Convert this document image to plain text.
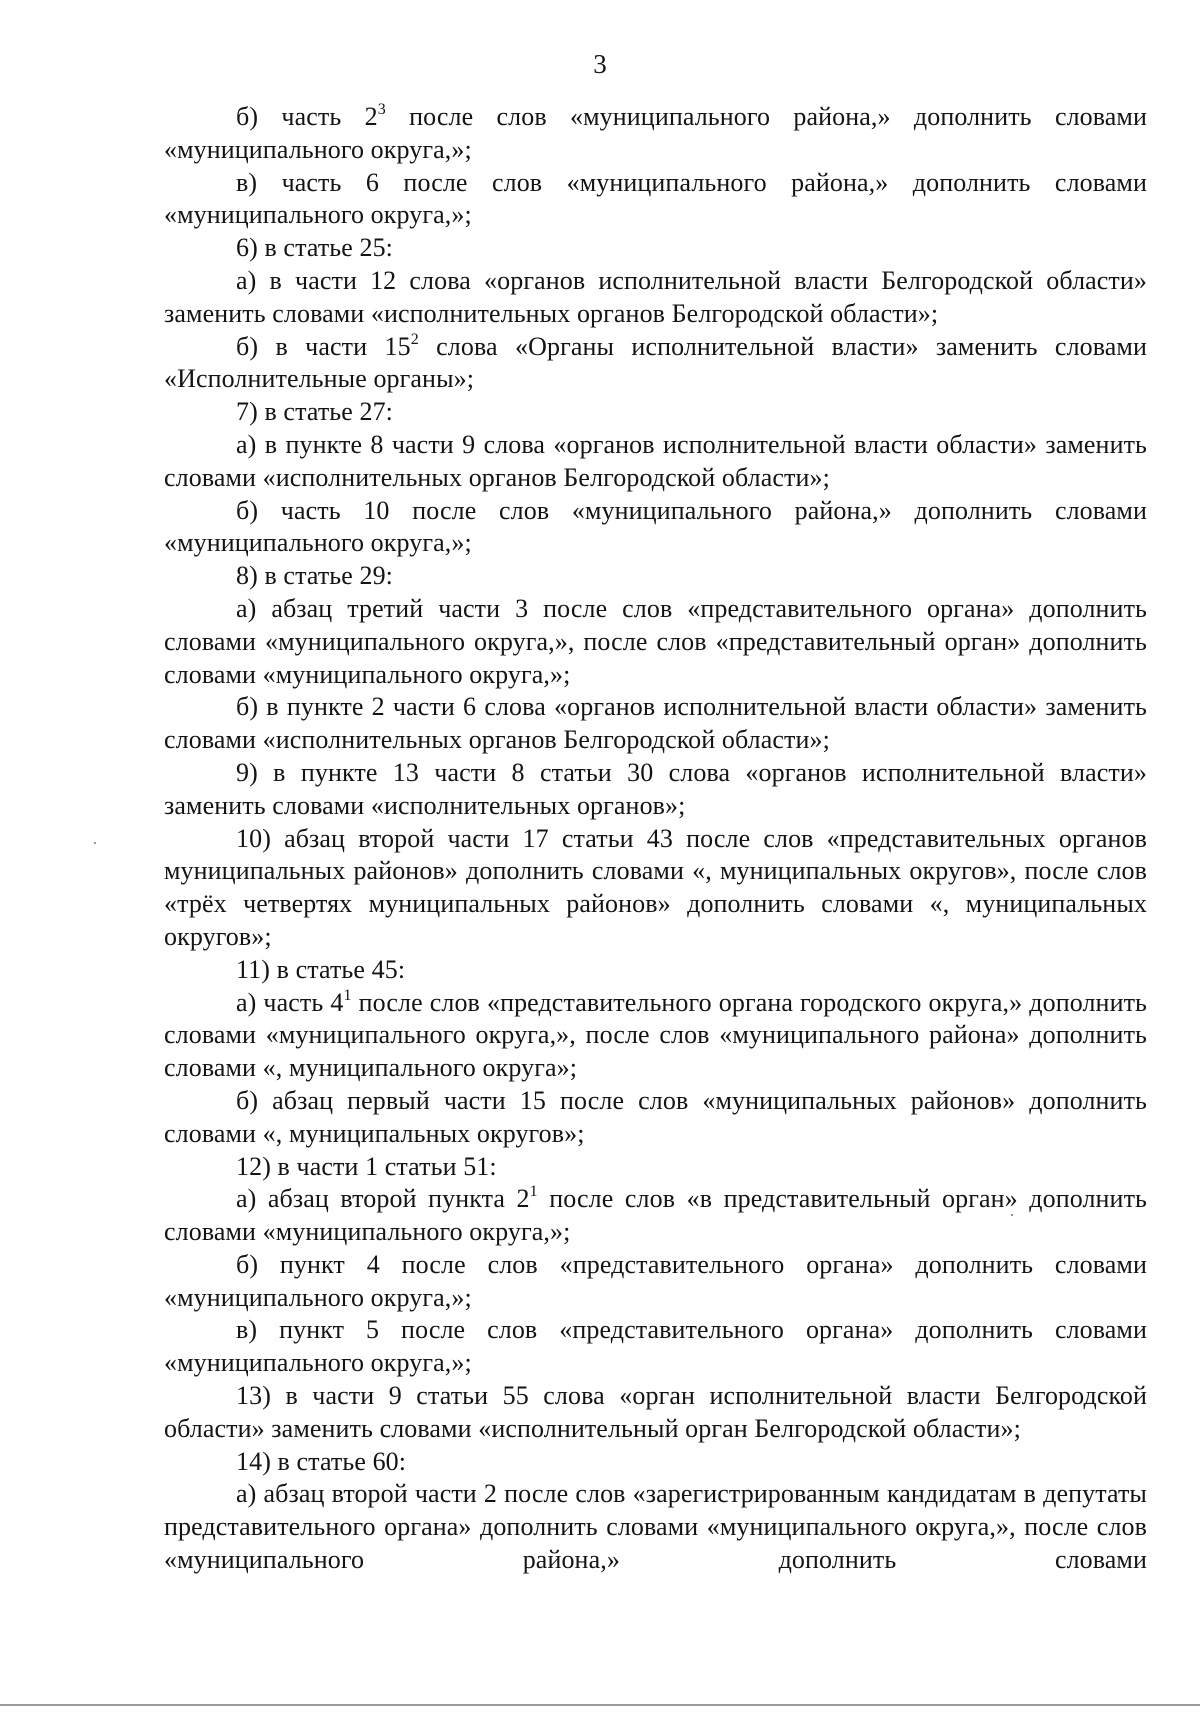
3

б) часть $2^3$ после слов «муниципального района,» дополнить словами «муниципального округа,»;

в) часть 6 после слов «муниципального района,» дополнить словами «муниципального округа,»;

6) в статье 25:

а) в части 12 слова «органов исполнительной власти Белгородской области» заменить словами «исполнительных органов Белгородской области»;

б) в части $15^2$ слова «Органы исполнительной власти» заменить словами «Исполнительные органы»;

7) в статье 27:

а) в пункте 8 части 9 слова «органов исполнительной власти области» заменить словами «исполнительных органов Белгородской области»;

б) часть 10 после слов «муниципального района,» дополнить словами «муниципального округа,»;

8) в статье 29:

а) абзац третий части 3 после слов «представительного органа» дополнить словами «муниципального округа,», после слов «представительный орган» дополнить словами «муниципального округа,»;

б) в пункте 2 части 6 слова «органов исполнительной власти области» заменить словами «исполнительных органов Белгородской области»;

9) в пункте 13 части 8 статьи 30 слова «органов исполнительной власти» заменить словами «исполнительных органов»;

10) абзац второй части 17 статьи 43 после слов «представительных органов муниципальных районов» дополнить словами «, муниципальных округов», после слов «трёх четвертях муниципальных районов» дополнить словами «, муниципальных округов»;

11) в статье 45:

а) часть $4^1$ после слов «представительного органа городского округа,» дополнить словами «муниципального округа,», после слов «муниципального района» дополнить словами «, муниципального округа»;

б) абзац первый части 15 после слов «муниципальных районов» дополнить словами «, муниципальных округов»;

12) в части 1 статьи 51:

а) абзац второй пункта $2^1$ после слов «в представительный орган» дополнить словами «муниципального округа,»;

б) пункт 4 после слов «представительного органа» дополнить словами «муниципального округа,»;

в) пункт 5 после слов «представительного органа» дополнить словами «муниципального округа,»;

13) в части 9 статьи 55 слова «орган исполнительной власти Белгородской области» заменить словами «исполнительный орган Белгородской области»;

14) в статье 60:

а) абзац второй части 2 после слов «зарегистрированным кандидатам в депутаты представительного органа» дополнить словами «муниципального округа,», после слов «муниципального района,» дополнить словами
